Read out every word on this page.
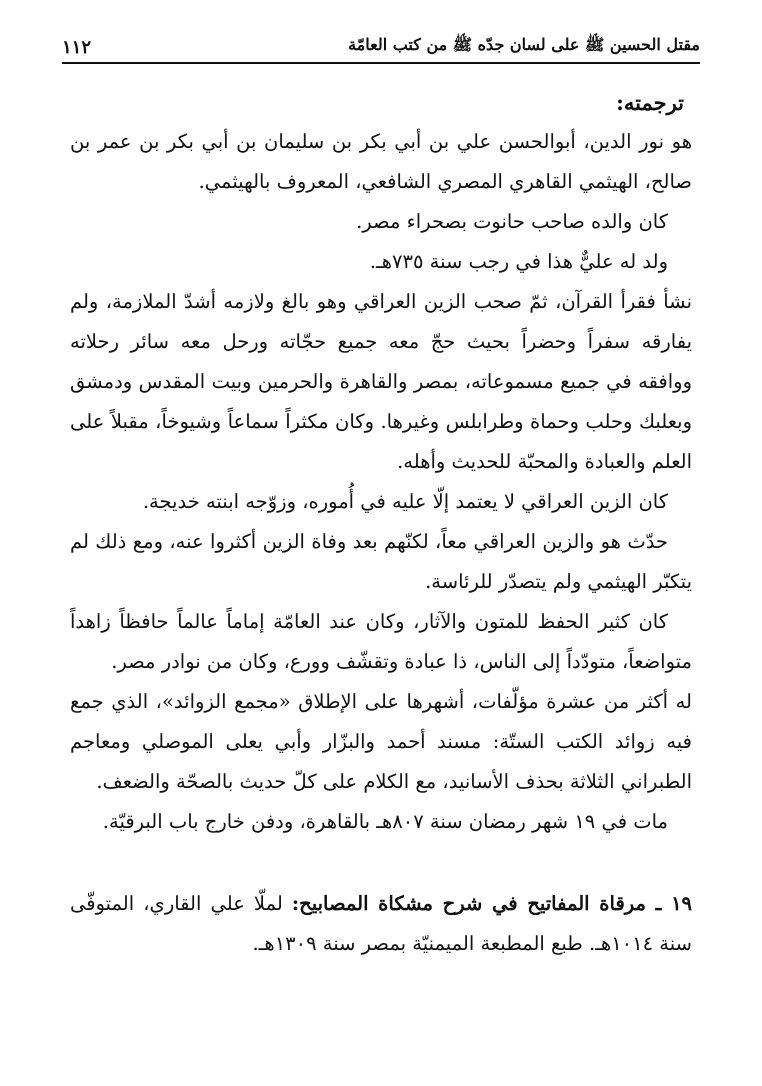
١١٢	مقتل الحسين ﷺ على لسان جدّه ﷺ من كتب العامّة

ترجمته:

هو نور الدين، أبوالحسن علي بن أبي بكر بن سليمان بن أبي بكر بن عمر بن صالح، الهيثمي القاهري المصري الشافعي، المعروف بالهيثمي.

كان والده صاحب حانوت بصحراء مصر.

ولد له عليٌّ هذا في رجب سنة ٧٣٥هـ.

نشأ فقرأ القرآن، ثمّ صحب الزين العراقي وهو بالغ ولازمه أشدّ الملازمة، ولم يفارقه سفراً وحضراً بحيث حجّ معه جميع حجّاته ورحل معه سائر رحلاته ووافقه في جميع مسموعاته، بمصر والقاهرة والحرمين وبيت المقدس ودمشق وبعلبك وحلب وحماة وطرابلس وغيرها. وكان مكثراً سماعاً وشيوخاً، مقبلاً على العلم والعبادة والمحبّة للحديث وأهله.

كان الزين العراقي لا يعتمد إلّا عليه في أُموره، وزوّجه ابنته خديجة.

حدّث هو والزين العراقي معاً، لكنّهم بعد وفاة الزين أكثروا عنه، ومع ذلك لم يتكبّر الهيثمي ولم يتصدّر للرئاسة.

كان كثير الحفظ للمتون والآثار، وكان عند العامّة إماماً عالماً حافظاً زاهداً متواضعاً، متودّداً إلى الناس، ذا عبادة وتقشّف وورع، وكان من نوادر مصر.

له أكثر من عشرة مؤلّفات، أشهرها على الإطلاق «مجمع الزوائد»، الذي جمع فيه زوائد الكتب الستّة: مسند أحمد والبزّار وأبي يعلى الموصلي ومعاجم الطبراني الثلاثة بحذف الأسانيد، مع الكلام على كلّ حديث بالصحّة والضعف.

مات في ١٩ شهر رمضان سنة ٨٠٧هـ بالقاهرة، ودفن خارج باب البرقيّة.

١٩ ـ مرقاة المفاتيح في شرح مشكاة المصابيح: لملّا علي القاري، المتوفّى سنة ١٠١٤هـ. طبع المطبعة الميمنيّة بمصر سنة ١٣٠٩هـ.
